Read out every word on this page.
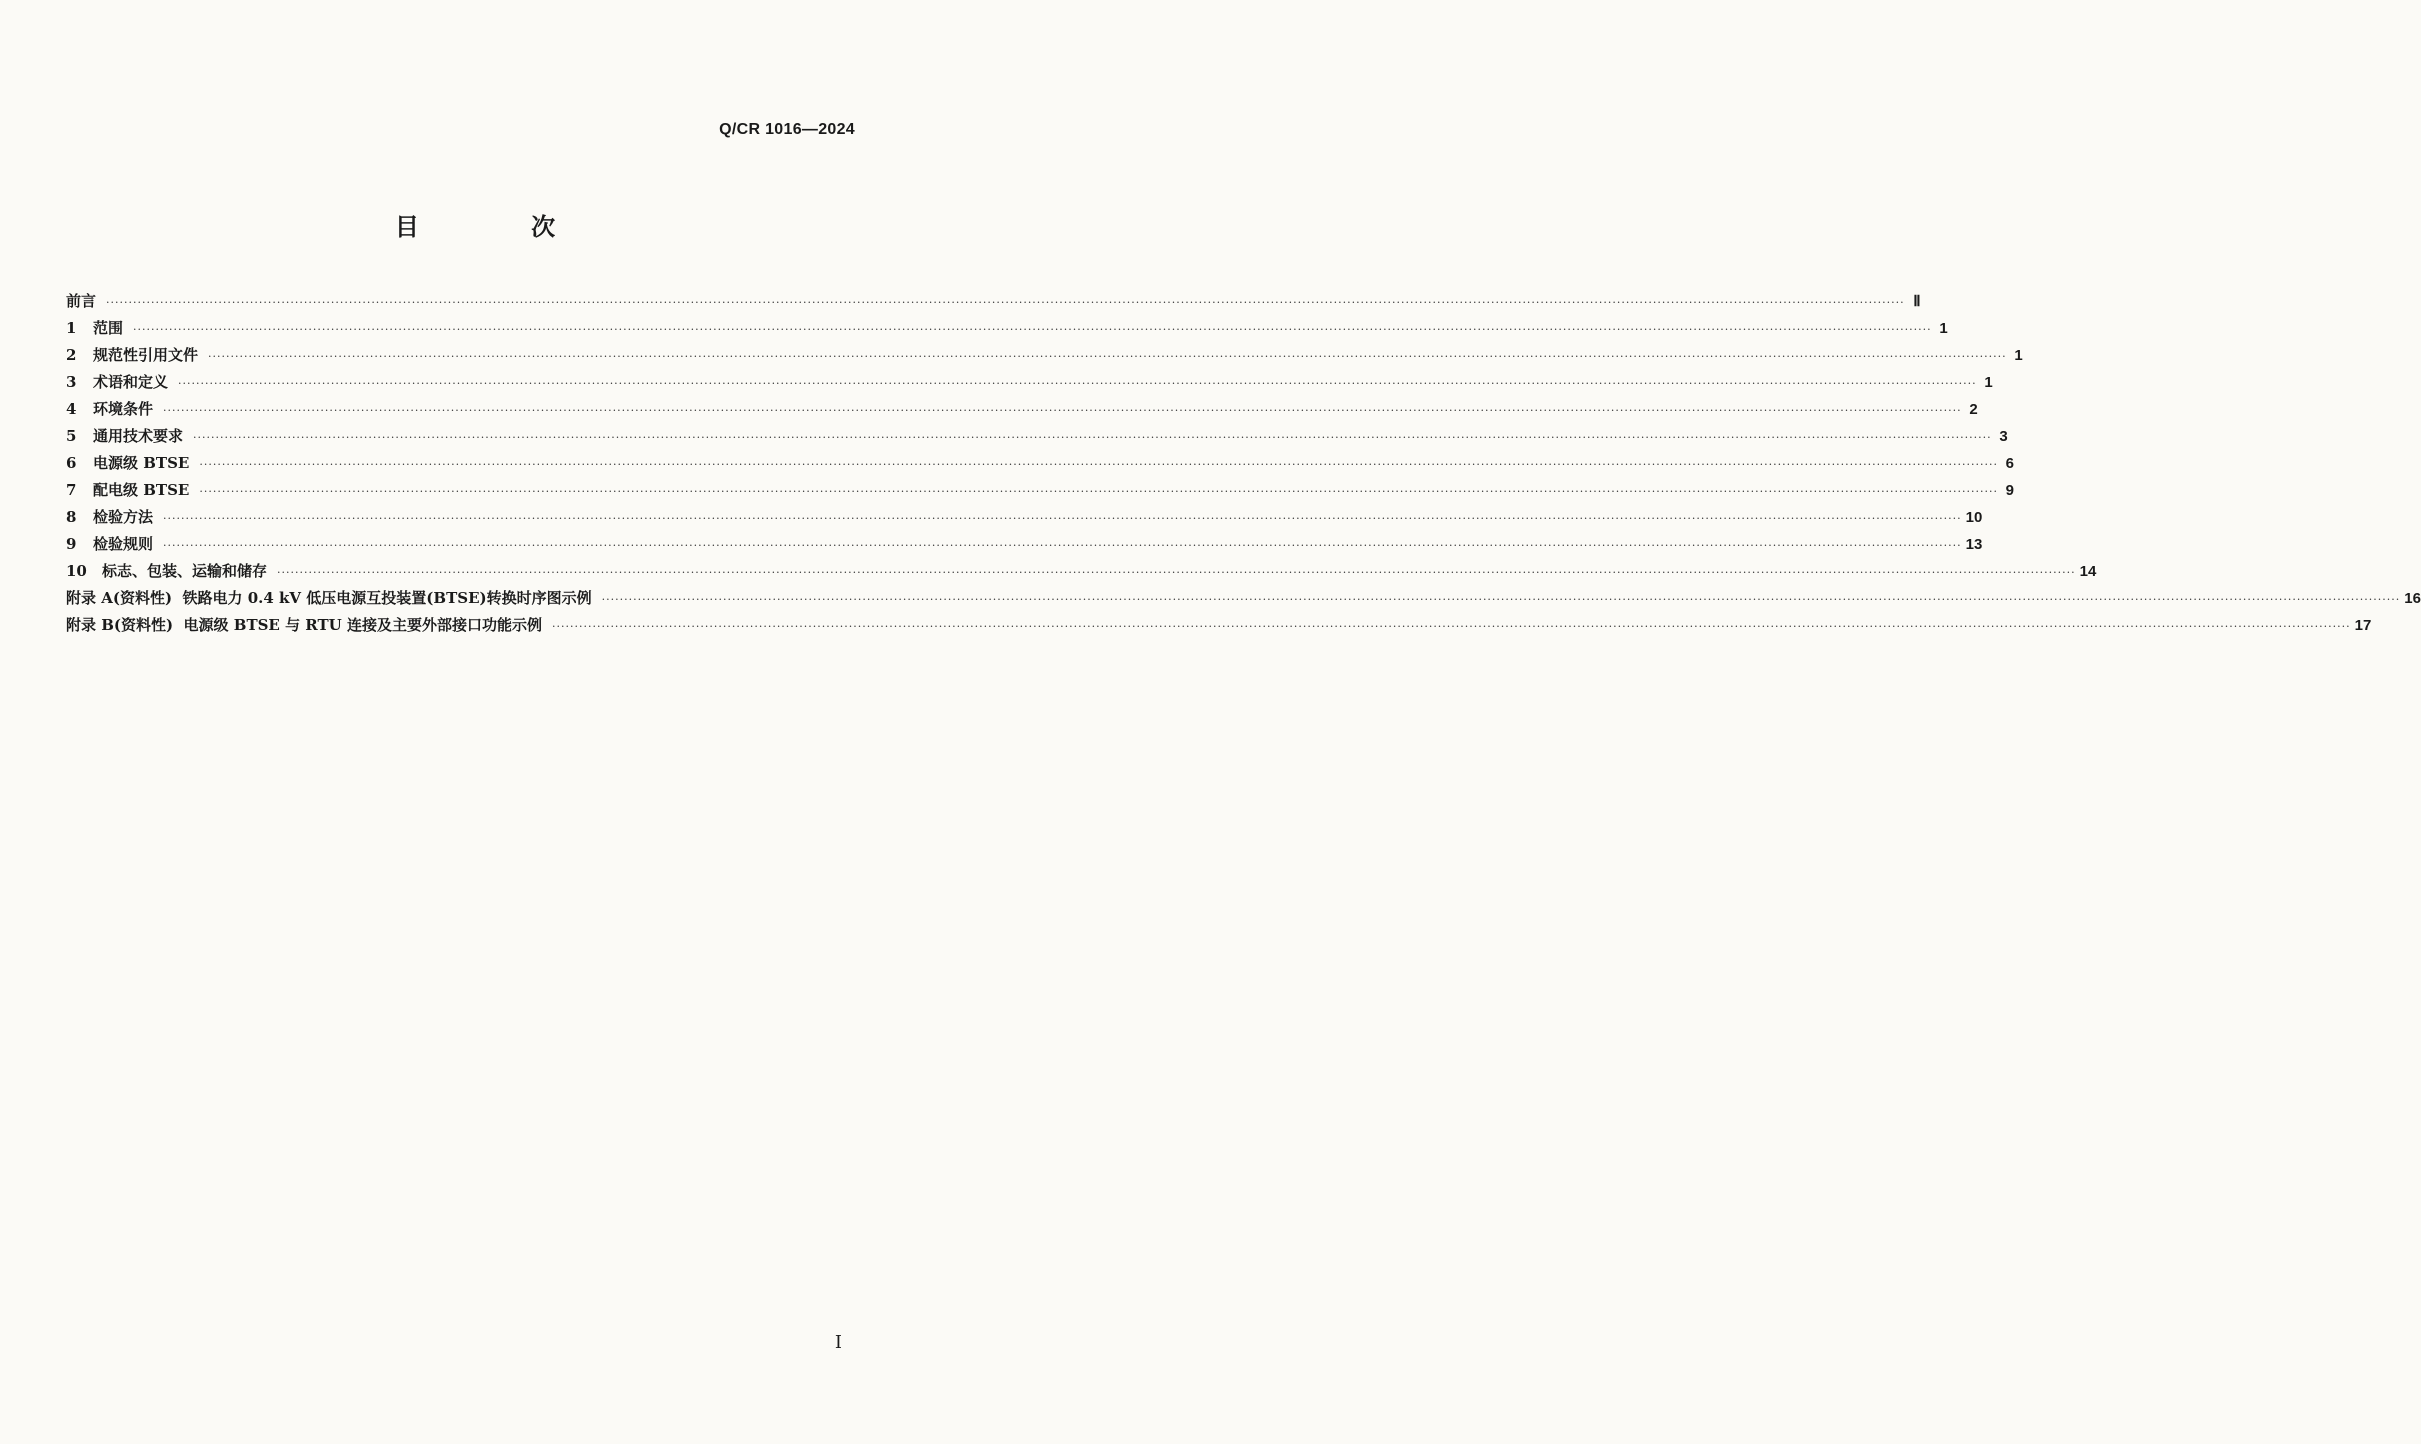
Q/CR 1016—2024
目 次
前言 ················································································································································································································································································································································································································ Ⅱ
1 范围 ················································································································································································································································································································································································································ 1
2 规范性引用文件 ················································································································································································································································································································································································································ 1
3 术语和定义 ················································································································································································································································································································································································································ 1
4 环境条件 ················································································································································································································································································································································································································ 2
5 通用技术要求 ················································································································································································································································································································································································································ 3
6 电源级 BTSE ················································································································································································································································································································································································································ 6
7 配电级 BTSE ················································································································································································································································································································································································································ 9
8 检验方法 ················································································································································································································································································································································································································ 10
9 检验规则 ················································································································································································································································································································································································································ 13
10 标志、包装、运输和储存 ················································································································································································································································································································································································································ 14
附录 A(资料性)  铁路电力 0.4 kV 低压电源互投装置(BTSE)转换时序图示例 ················································································································································································································································································································································································································ 16
附录 B(资料性)  电源级 BTSE 与 RTU 连接及主要外部接口功能示例 ················································································································································································································································································································································································································ 17
I
